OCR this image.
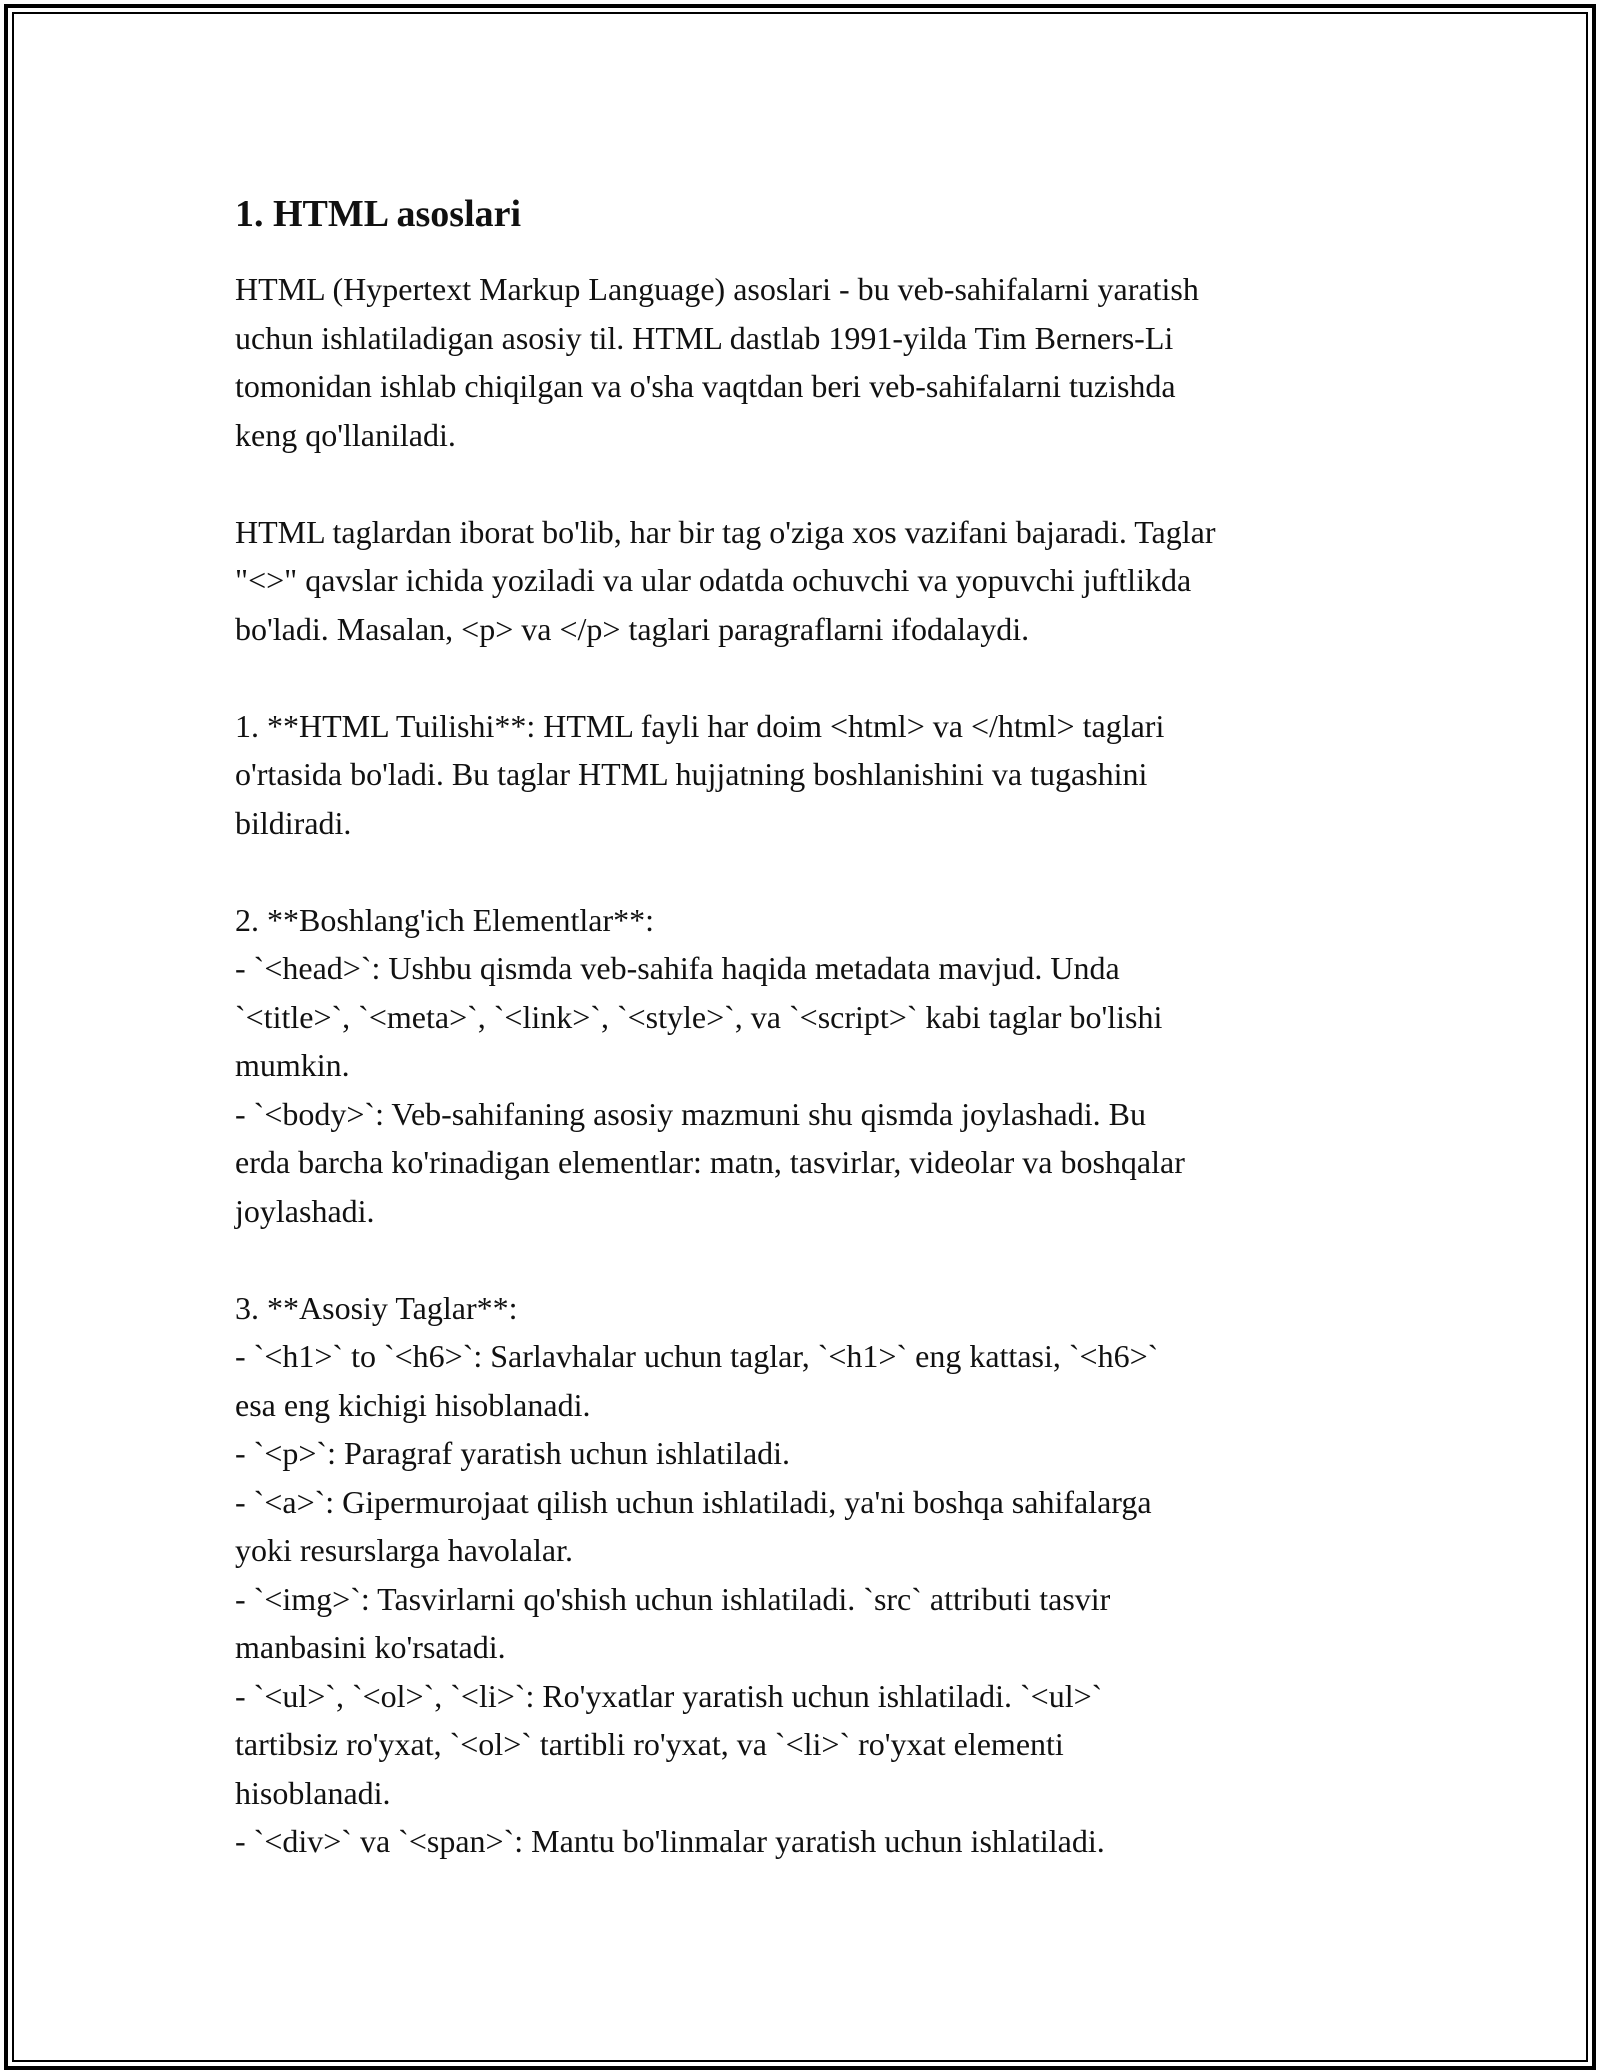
1. HTML asoslari

HTML (Hypertext Markup Language) asoslari - bu veb-sahifalarni yaratish
uchun ishlatiladigan asosiy til. HTML dastlab 1991-yilda Tim Berners-Li
tomonidan ishlab chiqilgan va o'sha vaqtdan beri veb-sahifalarni tuzishda
keng qo'llaniladi.

HTML taglardan iborat bo'lib, har bir tag o'ziga xos vazifani bajaradi. Taglar
"<>" qavslar ichida yoziladi va ular odatda ochuvchi va yopuvchi juftlikda
bo'ladi. Masalan, <p> va </p> taglari paragraflarni ifodalaydi.

1. **HTML Tuilishi**: HTML fayli har doim <html> va </html> taglari
o'rtasida bo'ladi. Bu taglar HTML hujjatning boshlanishini va tugashini
bildiradi.

2. **Boshlang'ich Elementlar**:
- `<head>`: Ushbu qismda veb-sahifa haqida metadata mavjud. Unda
`<title>`, `<meta>`, `<link>`, `<style>`, va `<script>` kabi taglar bo'lishi
mumkin.
- `<body>`: Veb-sahifaning asosiy mazmuni shu qismda joylashadi. Bu
erda barcha ko'rinadigan elementlar: matn, tasvirlar, videolar va boshqalar
joylashadi.

3. **Asosiy Taglar**:
- `<h1>` to `<h6>`: Sarlavhalar uchun taglar, `<h1>` eng kattasi, `<h6>`
esa eng kichigi hisoblanadi.
- `<p>`: Paragraf yaratish uchun ishlatiladi.
- `<a>`: Gipermurojaat qilish uchun ishlatiladi, ya'ni boshqa sahifalarga
yoki resurslarga havolalar.
- `<img>`: Tasvirlarni qo'shish uchun ishlatiladi. `src` attributi tasvir
manbasini ko'rsatadi.
- `<ul>`, `<ol>`, `<li>`: Ro'yxatlar yaratish uchun ishlatiladi. `<ul>`
tartibsiz ro'yxat, `<ol>` tartibli ro'yxat, va `<li>` ro'yxat elementi
hisoblanadi.
- `<div>` va `<span>`: Mantu bo'linmalar yaratish uchun ishlatiladi.
